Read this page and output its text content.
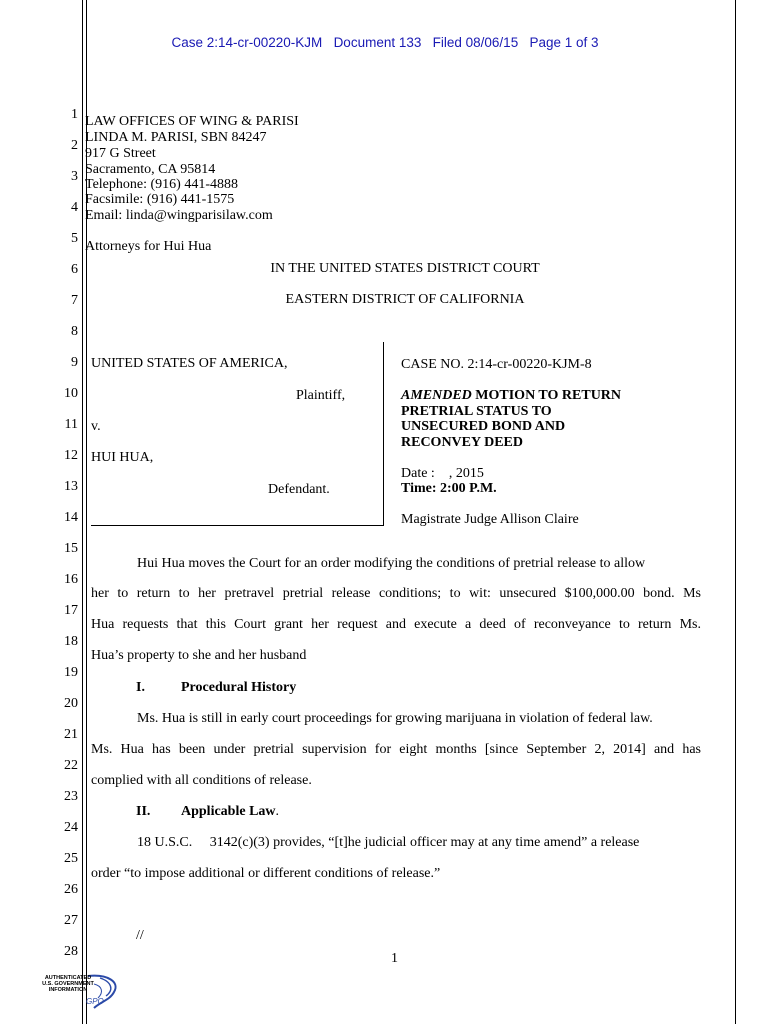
Case 2:14-cr-00220-KJM Document 133 Filed 08/06/15 Page 1 of 3
1
2
3
4
5
6
7
8
9
10
11
12
13
14
15
16
17
18
19
20
21
22
23
24
25
26
27
28
LAW OFFICES OF WING & PARISI
LINDA M. PARISI, SBN 84247
917 G Street
Sacramento, CA 95814
Telephone: (916) 441-4888
Facsimile: (916) 441-1575
Email: linda@wingparisilaw.com
Attorneys for Hui Hua
IN THE UNITED STATES DISTRICT COURT
EASTERN DISTRICT OF CALIFORNIA
UNITED STATES OF AMERICA,
Plaintiff,
v.
HUI HUA,
Defendant.
CASE NO. 2:14-cr-00220-KJM-8
AMENDED MOTION TO RETURN
PRETRIAL STATUS TO
UNSECURED BOND AND
RECONVEY DEED
Date :    , 2015
Time: 2:00 P.M.
Magistrate Judge Allison Claire
Hui Hua moves the Court for an order modifying the conditions of pretrial release to allow
her to return to her pretravel pretrial release conditions; to wit: unsecured $100,000.00 bond. Ms
Hua requests that this Court grant her request and execute a deed of reconveyance to return Ms.
Hua’s property to she and her husband
I.	Procedural History
Ms. Hua is still in early court proceedings for growing marijuana in violation of federal law.
Ms. Hua has been under pretrial supervision for eight months [since September 2, 2014] and has
complied with all conditions of release.
II. Applicable Law.
18 U.S.C.     3142(c)(3) provides, “[t]he judicial officer may at any time amend” a release
order “to impose additional or different conditions of release.”
//
1
AUTHENTICATED
U.S. GOVERNMENT
INFORMATION
GPO
